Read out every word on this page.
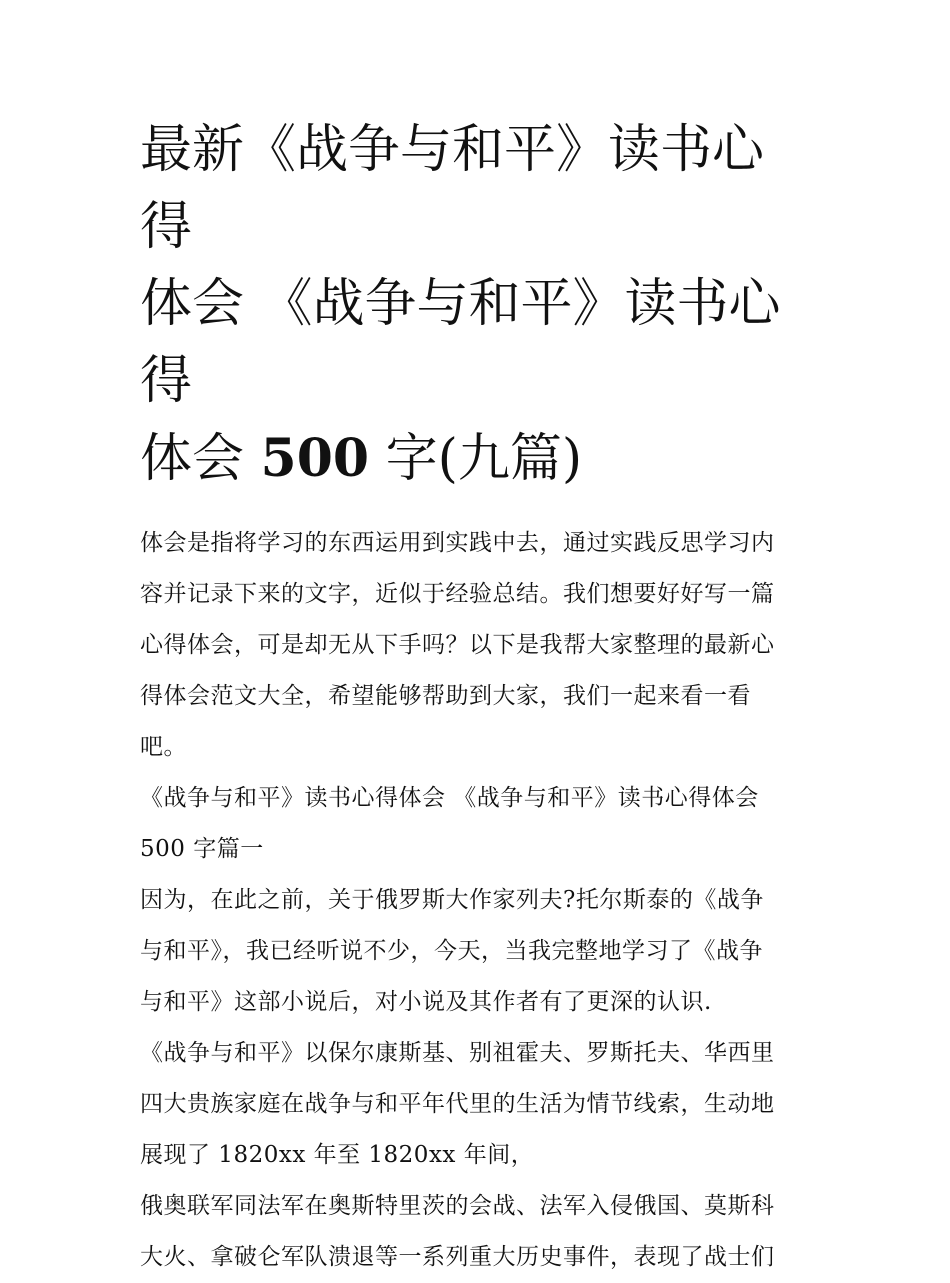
最新《战争与和平》读书心得
体会 《战争与和平》读书心得
体会 500 字(九篇)

体会是指将学习的东西运用到实践中去，通过实践反思学习内

容并记录下来的文字，近似于经验总结。我们想要好好写一篇

心得体会，可是却无从下手吗？以下是我帮大家整理的最新心

得体会范文大全，希望能够帮助到大家，我们一起来看一看

吧。

《战争与和平》读书心得体会 《战争与和平》读书心得体会

500 字篇一

因为，在此之前，关于俄罗斯大作家列夫?托尔斯泰的《战争

与和平》，我已经听说不少，今天，当我完整地学习了《战争

与和平》这部小说后，对小说及其作者有了更深的认识.

《战争与和平》以保尔康斯基、别祖霍夫、罗斯托夫、华西里

四大贵族家庭在战争与和平年代里的生活为情节线索，生动地

展现了 1820xx 年至 1820xx 年间，

俄奥联军同法军在奥斯特里茨的会战、法军入侵俄国、莫斯科

大火、拿破仑军队溃退等一系列重大历史事件，表现了战士们
